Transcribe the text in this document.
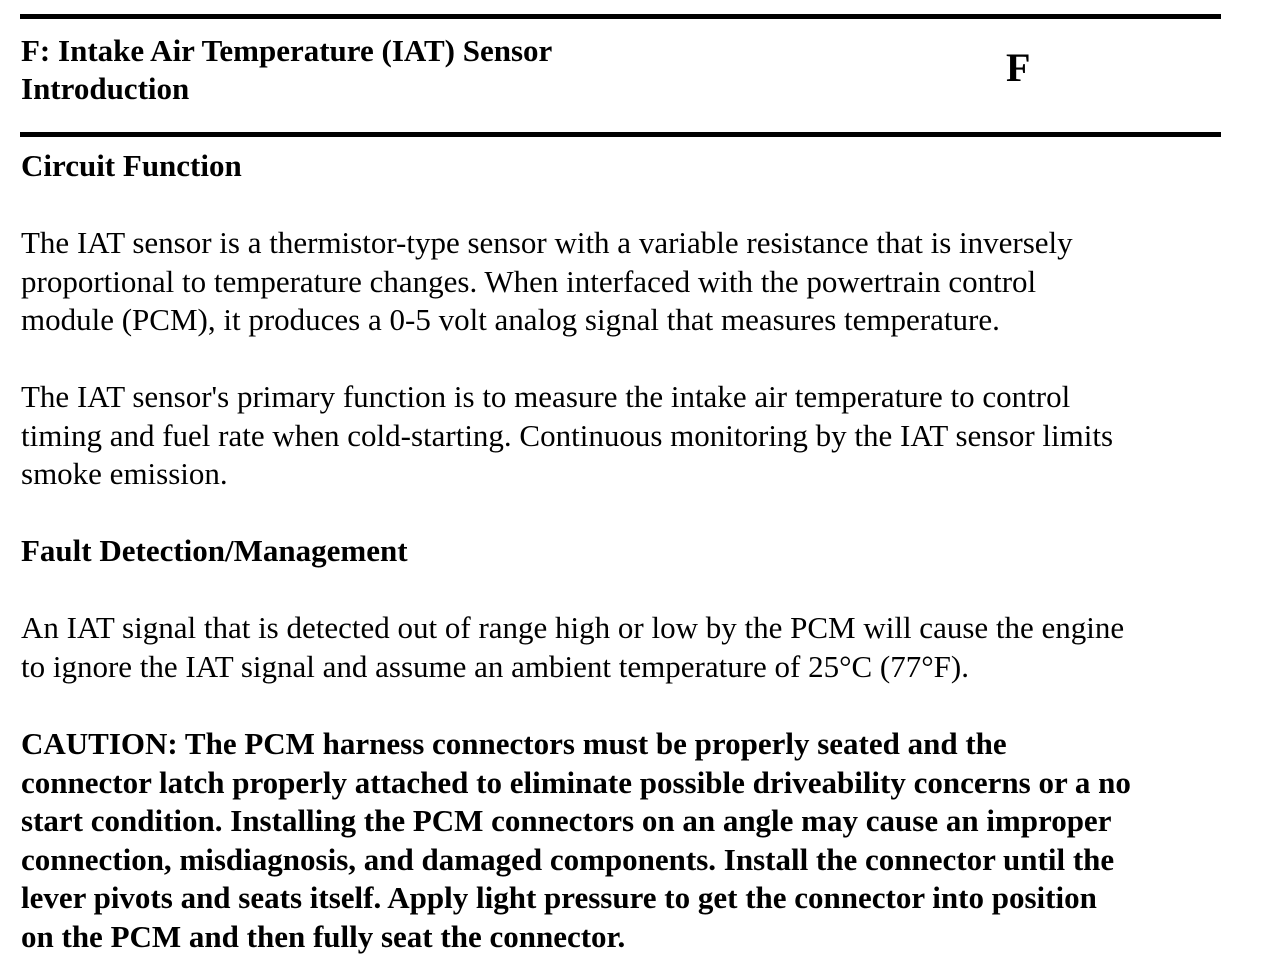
F: Intake Air Temperature (IAT) Sensor
Introduction	F
Circuit Function

The IAT sensor is a thermistor-type sensor with a variable resistance that is inversely
proportional to temperature changes. When interfaced with the powertrain control
module (PCM), it produces a 0-5 volt analog signal that measures temperature.

The IAT sensor's primary function is to measure the intake air temperature to control
timing and fuel rate when cold-starting. Continuous monitoring by the IAT sensor limits
smoke emission.

Fault Detection/Management

An IAT signal that is detected out of range high or low by the PCM will cause the engine
to ignore the IAT signal and assume an ambient temperature of 25°C (77°F).

CAUTION: The PCM harness connectors must be properly seated and the
connector latch properly attached to eliminate possible driveability concerns or a no
start condition. Installing the PCM connectors on an angle may cause an improper
connection, misdiagnosis, and damaged components. Install the connector until the
lever pivots and seats itself. Apply light pressure to get the connector into position
on the PCM and then fully seat the connector.
